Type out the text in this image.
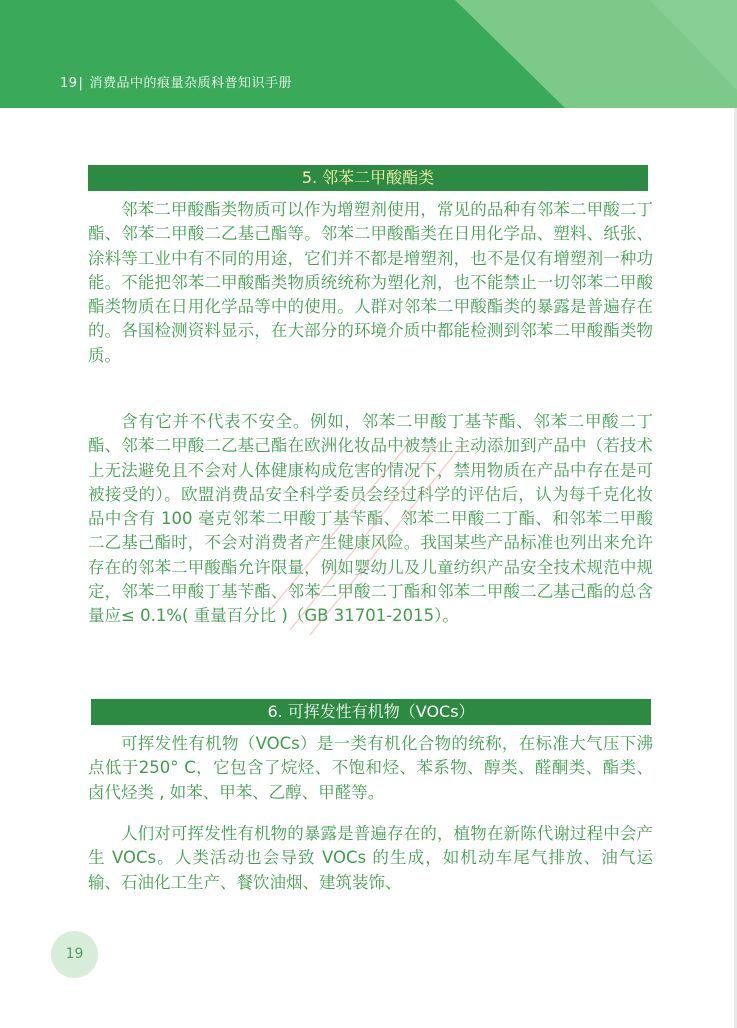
19| 消费品中的痕量杂质科普知识手册
5. 邻苯二甲酸酯类

邻苯二甲酸酯类物质可以作为增塑剂使用，常见的品种有邻苯二甲酸二丁酯、邻苯二甲酸二乙基己酯等。邻苯二甲酸酯类在日用化学品、塑料、纸张、涂料等工业中有不同的用途，它们并不都是增塑剂，也不是仅有增塑剂一种功能。不能把邻苯二甲酸酯类物质统统称为塑化剂，也不能禁止一切邻苯二甲酸酯类物质在日用化学品等中的使用。人群对邻苯二甲酸酯类的暴露是普遍存在的。各国检测资料显示，在大部分的环境介质中都能检测到邻苯二甲酸酯类物质。

含有它并不代表不安全。例如，邻苯二甲酸丁基苄酯、邻苯二甲酸二丁酯、邻苯二甲酸二乙基己酯在欧洲化妆品中被禁止主动添加到产品中（若技术上无法避免且不会对人体健康构成危害的情况下，禁用物质在产品中存在是可被接受的）。欧盟消费品安全科学委员会经过科学的评估后，认为每千克化妆品中含有 100 毫克邻苯二甲酸丁基苄酯、邻苯二甲酸二丁酯、和邻苯二甲酸二乙基己酯时，不会对消费者产生健康风险。我国某些产品标准也列出来允许存在的邻苯二甲酸酯允许限量，例如婴幼儿及儿童纺织产品安全技术规范中规定，邻苯二甲酸丁基苄酯、邻苯二甲酸二丁酯和邻苯二甲酸二乙基己酯的总含量应≤ 0.1%( 重量百分比 )（GB 31701-2015）。

6. 可挥发性有机物（VOCs）

可挥发性有机物（VOCs）是一类有机化合物的统称，在标准大气压下沸点低于250° C，它包含了烷烃、不饱和烃、苯系物、醇类、醛酮类、酯类、卤代烃类 , 如苯、甲苯、乙醇、甲醛等。

人们对可挥发性有机物的暴露是普遍存在的，植物在新陈代谢过程中会产生 VOCs。人类活动也会导致 VOCs 的生成，如机动车尾气排放、油气运输、石油化工生产、餐饮油烟、建筑装饰、

19
